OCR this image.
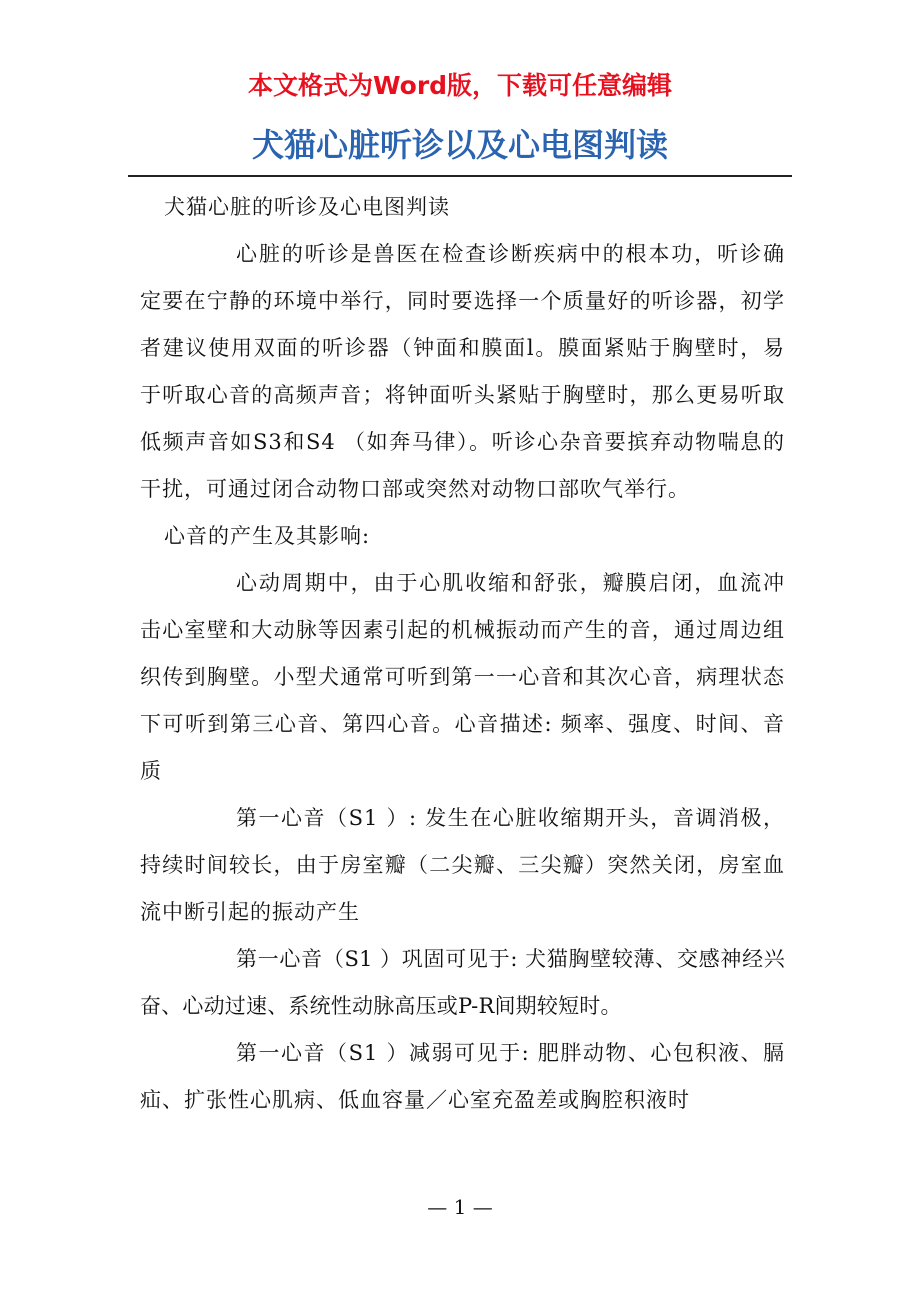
本文格式为Word版，下载可任意编辑
犬猫心脏听诊以及心电图判读

犬猫心脏的听诊及心电图判读

心脏的听诊是兽医在检查诊断疾病中的根本功，听诊确定要在宁静的环境中举行，同时要选择一个质量好的听诊器，初学者建议使用双面的听诊器（钟面和膜面l。膜面紧贴于胸壁时，易于听取心音的高频声音；将钟面听头紧贴于胸壁时，那么更易听取低频声音如S3和S4 （如奔马律）。听诊心杂音要摈弃动物喘息的干扰，可通过闭合动物口部或突然对动物口部吹气举行。

心音的产生及其影响:

心动周期中，由于心肌收缩和舒张，瓣膜启闭，血流冲击心室壁和大动脉等因素引起的机械振动而产生的音，通过周边组织传到胸壁。小型犬通常可听到第一一心音和其次心音，病理状态下可听到第三心音、第四心音。心音描述: 频率、强度、时间、音质

第一心音（S1 ）: 发生在心脏收缩期开头，音调消极，持续时间较长，由于房室瓣（二尖瓣、三尖瓣）突然关闭，房室血流中断引起的振动产生

第一心音（S1 ）巩固可见于: 犬猫胸壁较薄、交感神经兴奋、心动过速、系统性动脉高压或P-R间期较短时。

第一心音（S1 ）减弱可见于: 肥胖动物、心包积液、膈疝、扩张性心肌病、低血容量／心室充盈差或胸腔积液时

— 1 —
